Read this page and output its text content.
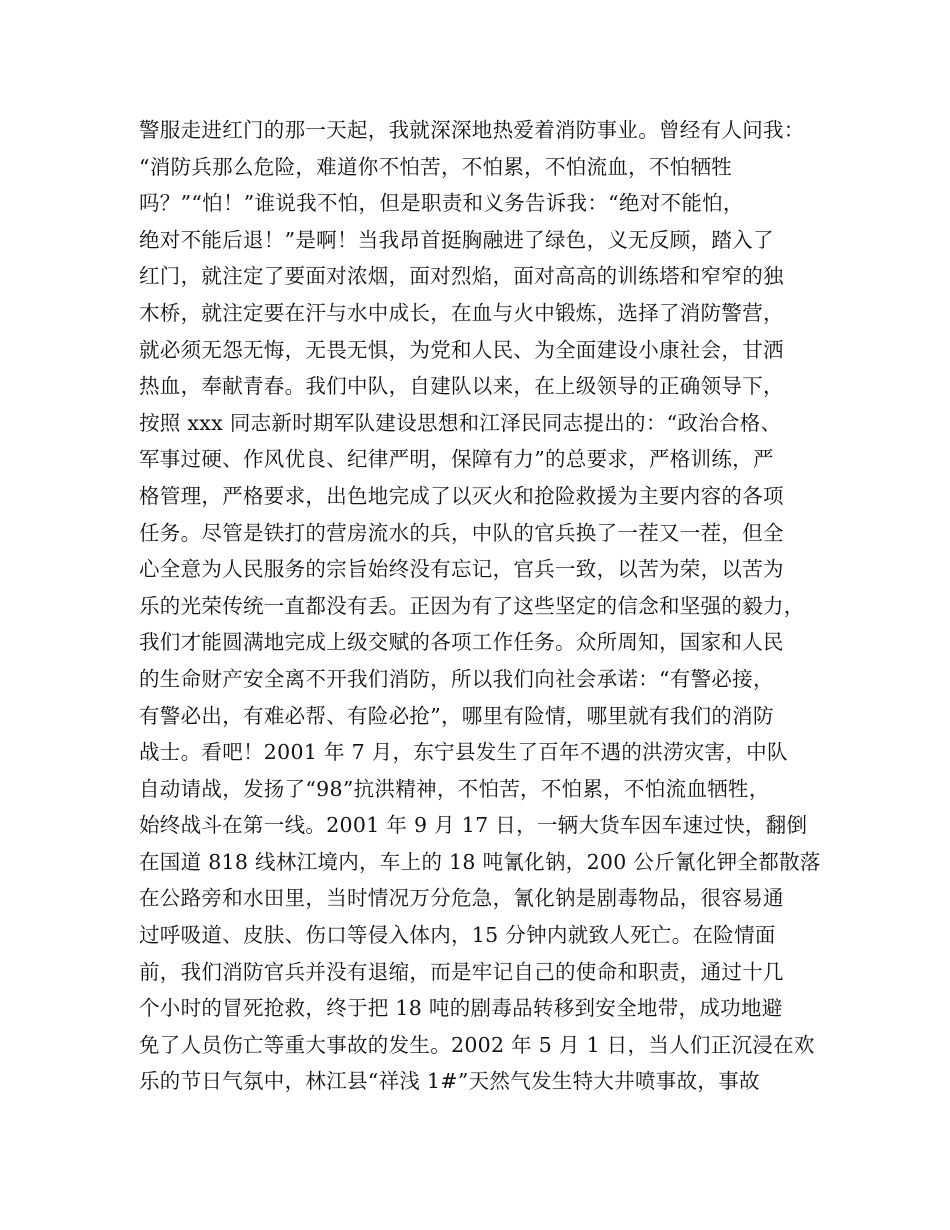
警服走进红门的那一天起，我就深深地热爱着消防事业。曾经有人问我：
“消防兵那么危险，难道你不怕苦，不怕累，不怕流血，不怕牺牲
吗？”“怕！”谁说我不怕，但是职责和义务告诉我：“绝对不能怕，
绝对不能后退！”是啊！当我昂首挺胸融进了绿色，义无反顾，踏入了
红门，就注定了要面对浓烟，面对烈焰，面对高高的训练塔和窄窄的独
木桥，就注定要在汗与水中成长，在血与火中锻炼，选择了消防警营，
就必须无怨无悔，无畏无惧，为党和人民、为全面建设小康社会，甘洒
热血，奉献青春。我们中队，自建队以来，在上级领导的正确领导下，
按照 xxx 同志新时期军队建设思想和江泽民同志提出的：“政治合格、
军事过硬、作风优良、纪律严明，保障有力”的总要求，严格训练，严
格管理，严格要求，出色地完成了以灭火和抢险救援为主要内容的各项
任务。尽管是铁打的营房流水的兵，中队的官兵换了一茬又一茬，但全
心全意为人民服务的宗旨始终没有忘记，官兵一致，以苦为荣，以苦为
乐的光荣传统一直都没有丢。正因为有了这些坚定的信念和坚强的毅力，
我们才能圆满地完成上级交赋的各项工作任务。众所周知，国家和人民
的生命财产安全离不开我们消防，所以我们向社会承诺：“有警必接，
有警必出，有难必帮、有险必抢”，哪里有险情，哪里就有我们的消防
战士。看吧！2001 年 7 月，东宁县发生了百年不遇的洪涝灾害，中队
自动请战，发扬了“98”抗洪精神，不怕苦，不怕累，不怕流血牺牲，
始终战斗在第一线。2001 年 9 月 17 日，一辆大货车因车速过快，翻倒
在国道 818 线林江境内，车上的 18 吨氰化钠，200 公斤氰化钾全都散落
在公路旁和水田里，当时情况万分危急，氰化钠是剧毒物品，很容易通
过呼吸道、皮肤、伤口等侵入体内，15 分钟内就致人死亡。在险情面
前，我们消防官兵并没有退缩，而是牢记自己的使命和职责，通过十几
个小时的冒死抢救，终于把 18 吨的剧毒品转移到安全地带，成功地避
免了人员伤亡等重大事故的发生。2002 年 5 月 1 日，当人们正沉浸在欢
乐的节日气氛中，林江县“祥浅 1#”天然气发生特大井喷事故，事故
